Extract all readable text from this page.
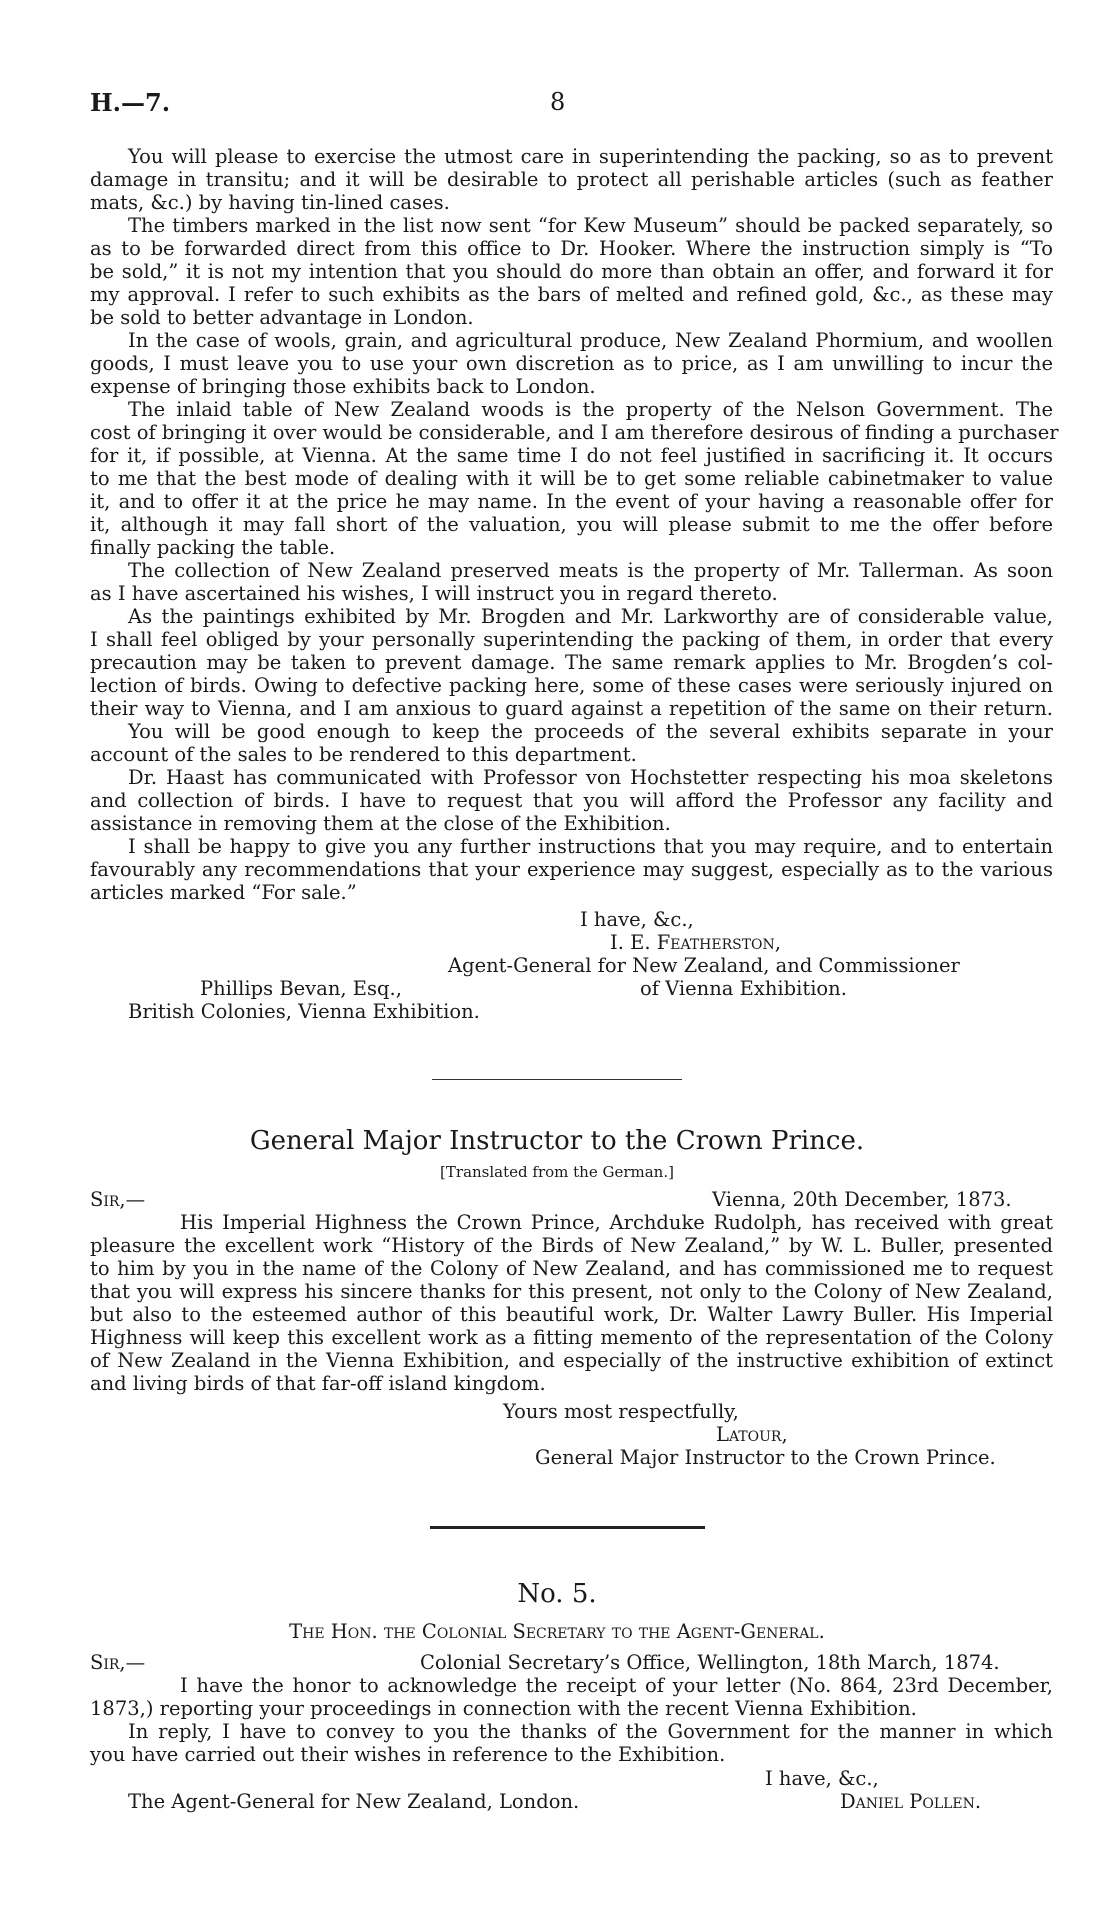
H.—7.	8
You will please to exercise the utmost care in superintending the packing, so as to prevent
damage in transitu; and it will be desirable to protect all perishable articles (such as feather
mats, &c.) by having tin-lined cases.
The timbers marked in the list now sent “for Kew Museum” should be packed separately, so
as to be forwarded direct from this office to Dr. Hooker. Where the instruction simply is “To
be sold,” it is not my intention that you should do more than obtain an offer, and forward it for
my approval. I refer to such exhibits as the bars of melted and refined gold, &c., as these may
be sold to better advantage in London.
In the case of wools, grain, and agricultural produce, New Zealand Phormium, and woollen
goods, I must leave you to use your own discretion as to price, as I am unwilling to incur the
expense of bringing those exhibits back to London.
The inlaid table of New Zealand woods is the property of the Nelson Government. The
cost of bringing it over would be considerable, and I am therefore desirous of finding a purchaser
for it, if possible, at Vienna. At the same time I do not feel justified in sacrificing it. It occurs
to me that the best mode of dealing with it will be to get some reliable cabinetmaker to value
it, and to offer it at the price he may name. In the event of your having a reasonable offer for
it, although it may fall short of the valuation, you will please submit to me the offer before
finally packing the table.
The collection of New Zealand preserved meats is the property of Mr. Tallerman. As soon
as I have ascertained his wishes, I will instruct you in regard thereto.
As the paintings exhibited by Mr. Brogden and Mr. Larkworthy are of considerable value,
I shall feel obliged by your personally superintending the packing of them, in order that every
precaution may be taken to prevent damage. The same remark applies to Mr. Brogden’s col-
lection of birds. Owing to defective packing here, some of these cases were seriously injured on
their way to Vienna, and I am anxious to guard against a repetition of the same on their return.
You will be good enough to keep the proceeds of the several exhibits separate in your
account of the sales to be rendered to this department.
Dr. Haast has communicated with Professor von Hochstetter respecting his moa skeletons
and collection of birds. I have to request that you will afford the Professor any facility and
assistance in removing them at the close of the Exhibition.
I shall be happy to give you any further instructions that you may require, and to entertain
favourably any recommendations that your experience may suggest, especially as to the various
articles marked “For sale.”
I have, &c.,
I. E. Featherston,
Agent-General for New Zealand, and Commissioner
Phillips Bevan, Esq.,	of Vienna Exhibition.
British Colonies, Vienna Exhibition.
General Major Instructor to the Crown Prince.
[Translated from the German.]
Sir,—	Vienna, 20th December, 1873.
His Imperial Highness the Crown Prince, Archduke Rudolph, has received with great
pleasure the excellent work “History of the Birds of New Zealand,” by W. L. Buller, presented
to him by you in the name of the Colony of New Zealand, and has commissioned me to request
that you will express his sincere thanks for this present, not only to the Colony of New Zealand,
but also to the esteemed author of this beautiful work, Dr. Walter Lawry Buller. His Imperial
Highness will keep this excellent work as a fitting memento of the representation of the Colony
of New Zealand in the Vienna Exhibition, and especially of the instructive exhibition of extinct
and living birds of that far-off island kingdom.
Yours most respectfully,
Latour,
General Major Instructor to the Crown Prince.
No. 5.
The Hon. the Colonial Secretary to the Agent-General.
Sir,—	Colonial Secretary’s Office, Wellington, 18th March, 1874.
I have the honor to acknowledge the receipt of your letter (No. 864, 23rd December,
1873,) reporting your proceedings in connection with the recent Vienna Exhibition.
In reply, I have to convey to you the thanks of the Government for the manner in which
you have carried out their wishes in reference to the Exhibition.
I have, &c.,
The Agent-General for New Zealand, London.	Daniel Pollen.
